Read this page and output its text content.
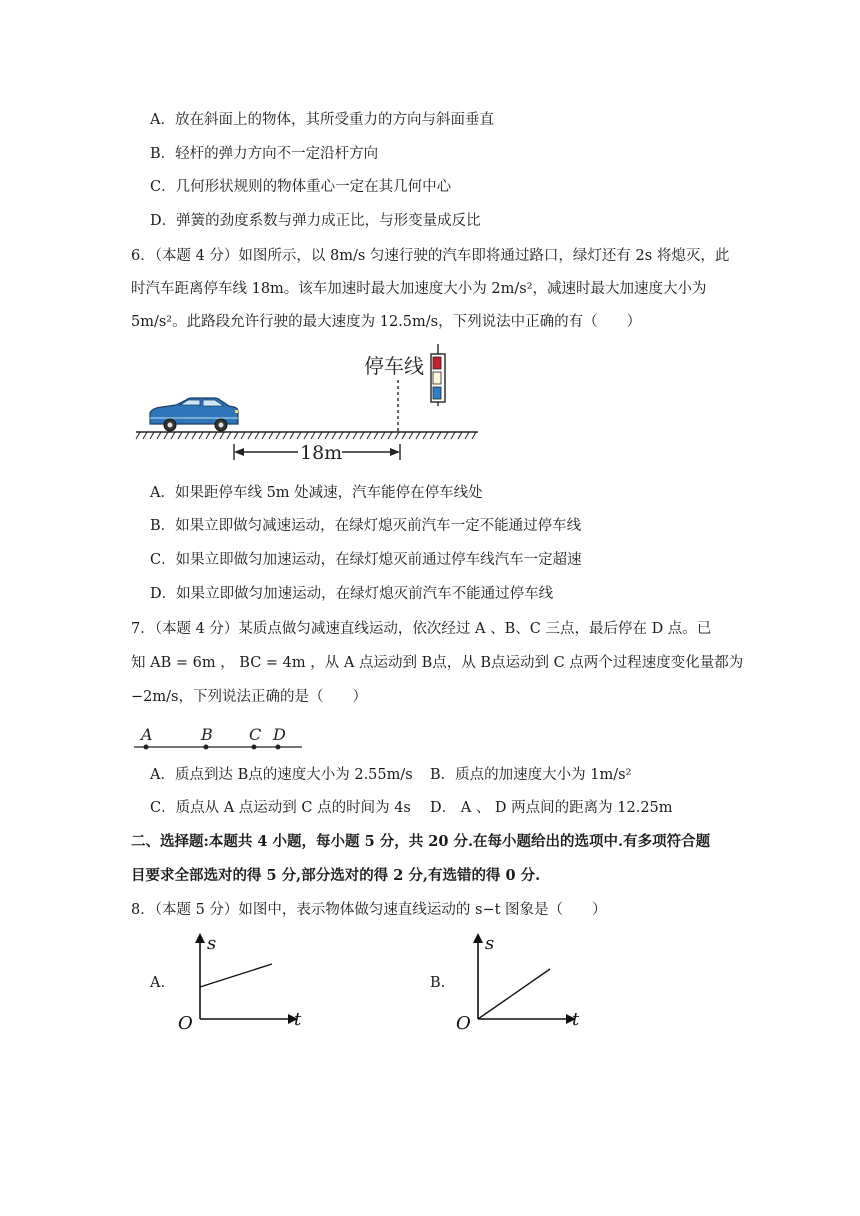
A．放在斜面上的物体，其所受重力的方向与斜面垂直
B．轻杆的弹力方向不一定沿杆方向
C．几何形状规则的物体重心一定在其几何中心
D．弹簧的劲度系数与弹力成正比，与形变量成反比
6．（本题 4 分）如图所示，以 8m/s 匀速行驶的汽车即将通过路口，绿灯还有 2s 将熄灭，此
时汽车距离停车线 18m。该车加速时最大加速度大小为 2m/s²，减速时最大加速度大小为
5m/s²。此路段允许行驶的最大速度为 12.5m/s，下列说法中正确的有（　　）
停车线
18m
A．如果距停车线 5m 处减速，汽车能停在停车线处
B．如果立即做匀减速运动，在绿灯熄灭前汽车一定不能通过停车线
C．如果立即做匀加速运动，在绿灯熄灭前通过停车线汽车一定超速
D．如果立即做匀加速运动，在绿灯熄灭前汽车不能通过停车线
7．（本题 4 分）某质点做匀减速直线运动，依次经过 A 、B、C 三点，最后停在 D 点。已
知 AB = 6m ， BC = 4m ，从 A 点运动到 B点，从 B点运动到 C 点两个过程速度变化量都为
−2m/s，下列说法正确的是（　　）
A	B C D
A．质点到达 B点的速度大小为 2.55m/s B．质点的加速度大小为 1m/s²
C．质点从 A 点运动到 C 点的时间为 4s D． A 、 D 两点间的距离为 12.25m
二、选择题:本题共 4 小题，每小题 5 分，共 20 分.在每小题给出的选项中.有多项符合题
目要求全部选对的得 5 分,部分选对的得 2 分,有选错的得 0 分.
8．（本题 5 分）如图中，表示物体做匀速直线运动的 s−t 图象是（　　）
A.
s
t
O
B.
s
t
O
